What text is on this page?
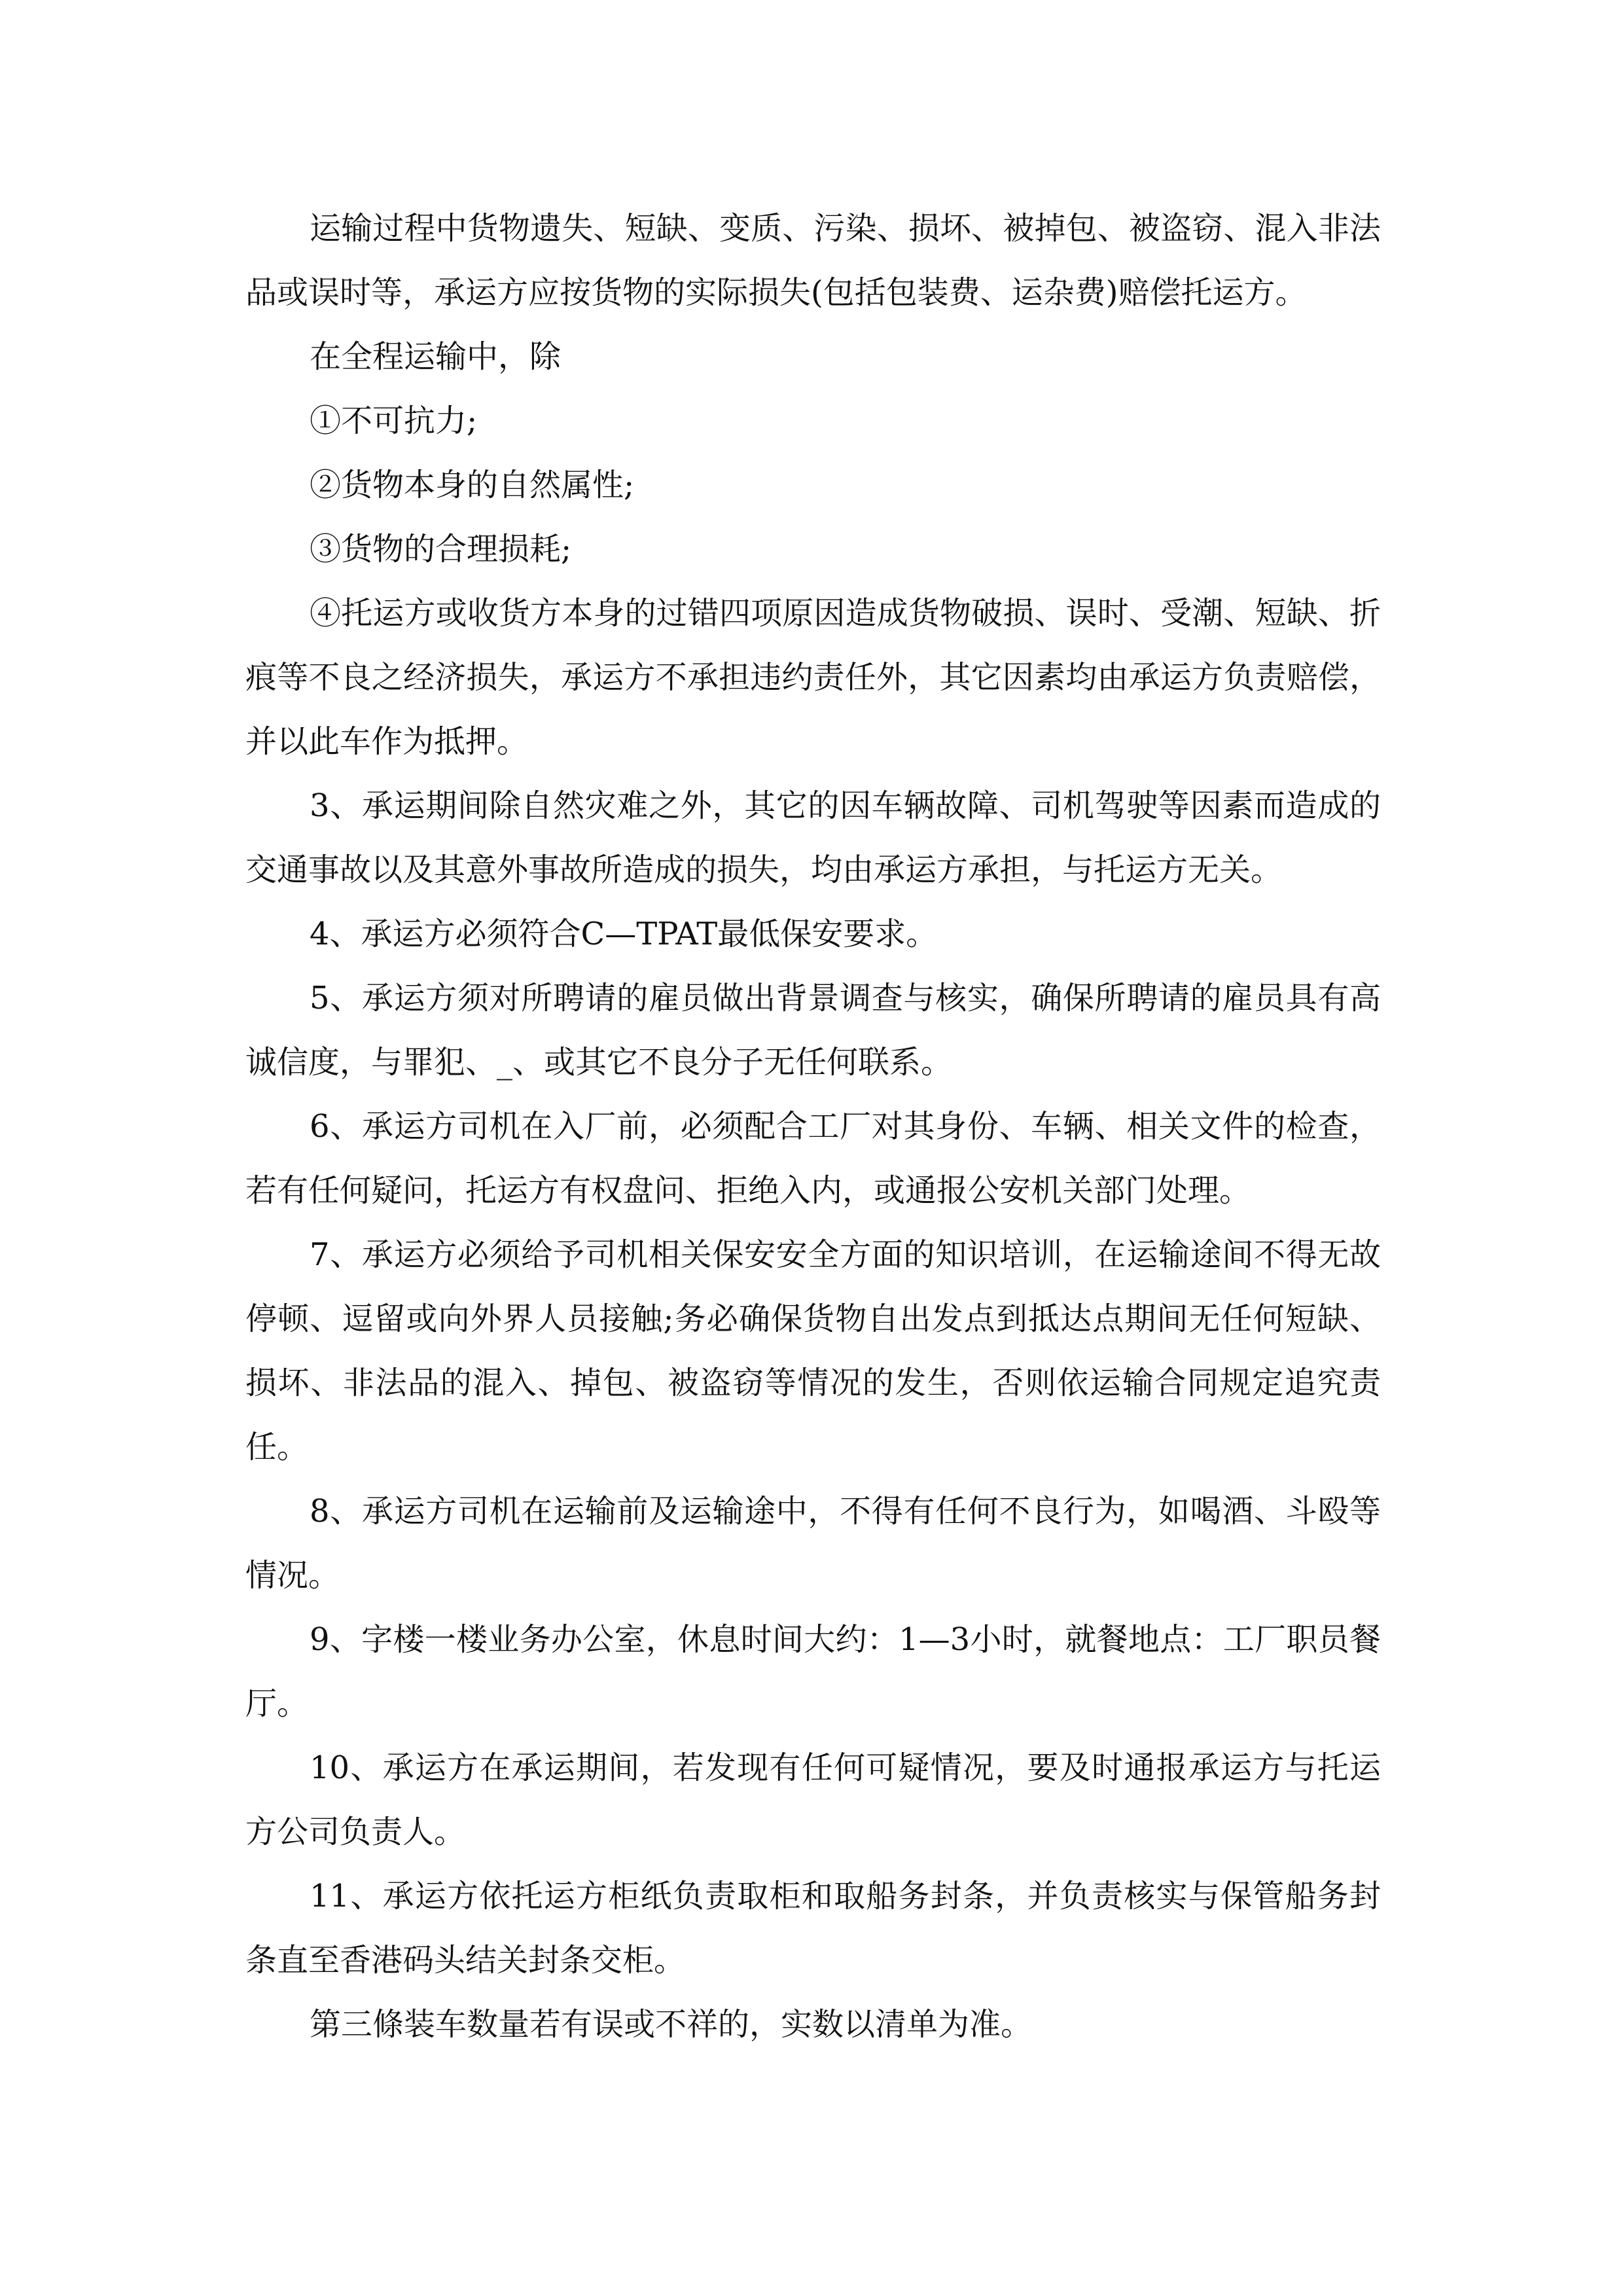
运输过程中货物遗失、短缺、变质、污染、损坏、被掉包、被盗窃、混入非法品或误时等，承运方应按货物的实际损失(包括包装费、运杂费)赔偿托运方。

在全程运输中，除

①不可抗力;

②货物本身的自然属性;

③货物的合理损耗;

④托运方或收货方本身的过错四项原因造成货物破损、误时、受潮、短缺、折痕等不良之经济损失，承运方不承担违约责任外，其它因素均由承运方负责赔偿，并以此车作为抵押。

3、承运期间除自然灾难之外，其它的因车辆故障、司机驾驶等因素而造成的交通事故以及其意外事故所造成的损失，均由承运方承担，与托运方无关。

4、承运方必须符合C—TPAT最低保安要求。

5、承运方须对所聘请的雇员做出背景调查与核实，确保所聘请的雇员具有高诚信度，与罪犯、_、或其它不良分子无任何联系。

6、承运方司机在入厂前，必须配合工厂对其身份、车辆、相关文件的检查，若有任何疑问，托运方有权盘问、拒绝入内，或通报公安机关部门处理。

7、承运方必须给予司机相关保安安全方面的知识培训，在运输途间不得无故停顿、逗留或向外界人员接触;务必确保货物自出发点到抵达点期间无任何短缺、损坏、非法品的混入、掉包、被盗窃等情况的发生，否则依运输合同规定追究责任。

8、承运方司机在运输前及运输途中，不得有任何不良行为，如喝酒、斗殴等情况。

9、字楼一楼业务办公室，休息时间大约：1—3小时，就餐地点：工厂职员餐厅。

10、承运方在承运期间，若发现有任何可疑情况，要及时通报承运方与托运方公司负责人。

11、承运方依托运方柜纸负责取柜和取船务封条，并负责核实与保管船务封条直至香港码头结关封条交柜。

第三條装车数量若有误或不祥的，实数以清单为准。
